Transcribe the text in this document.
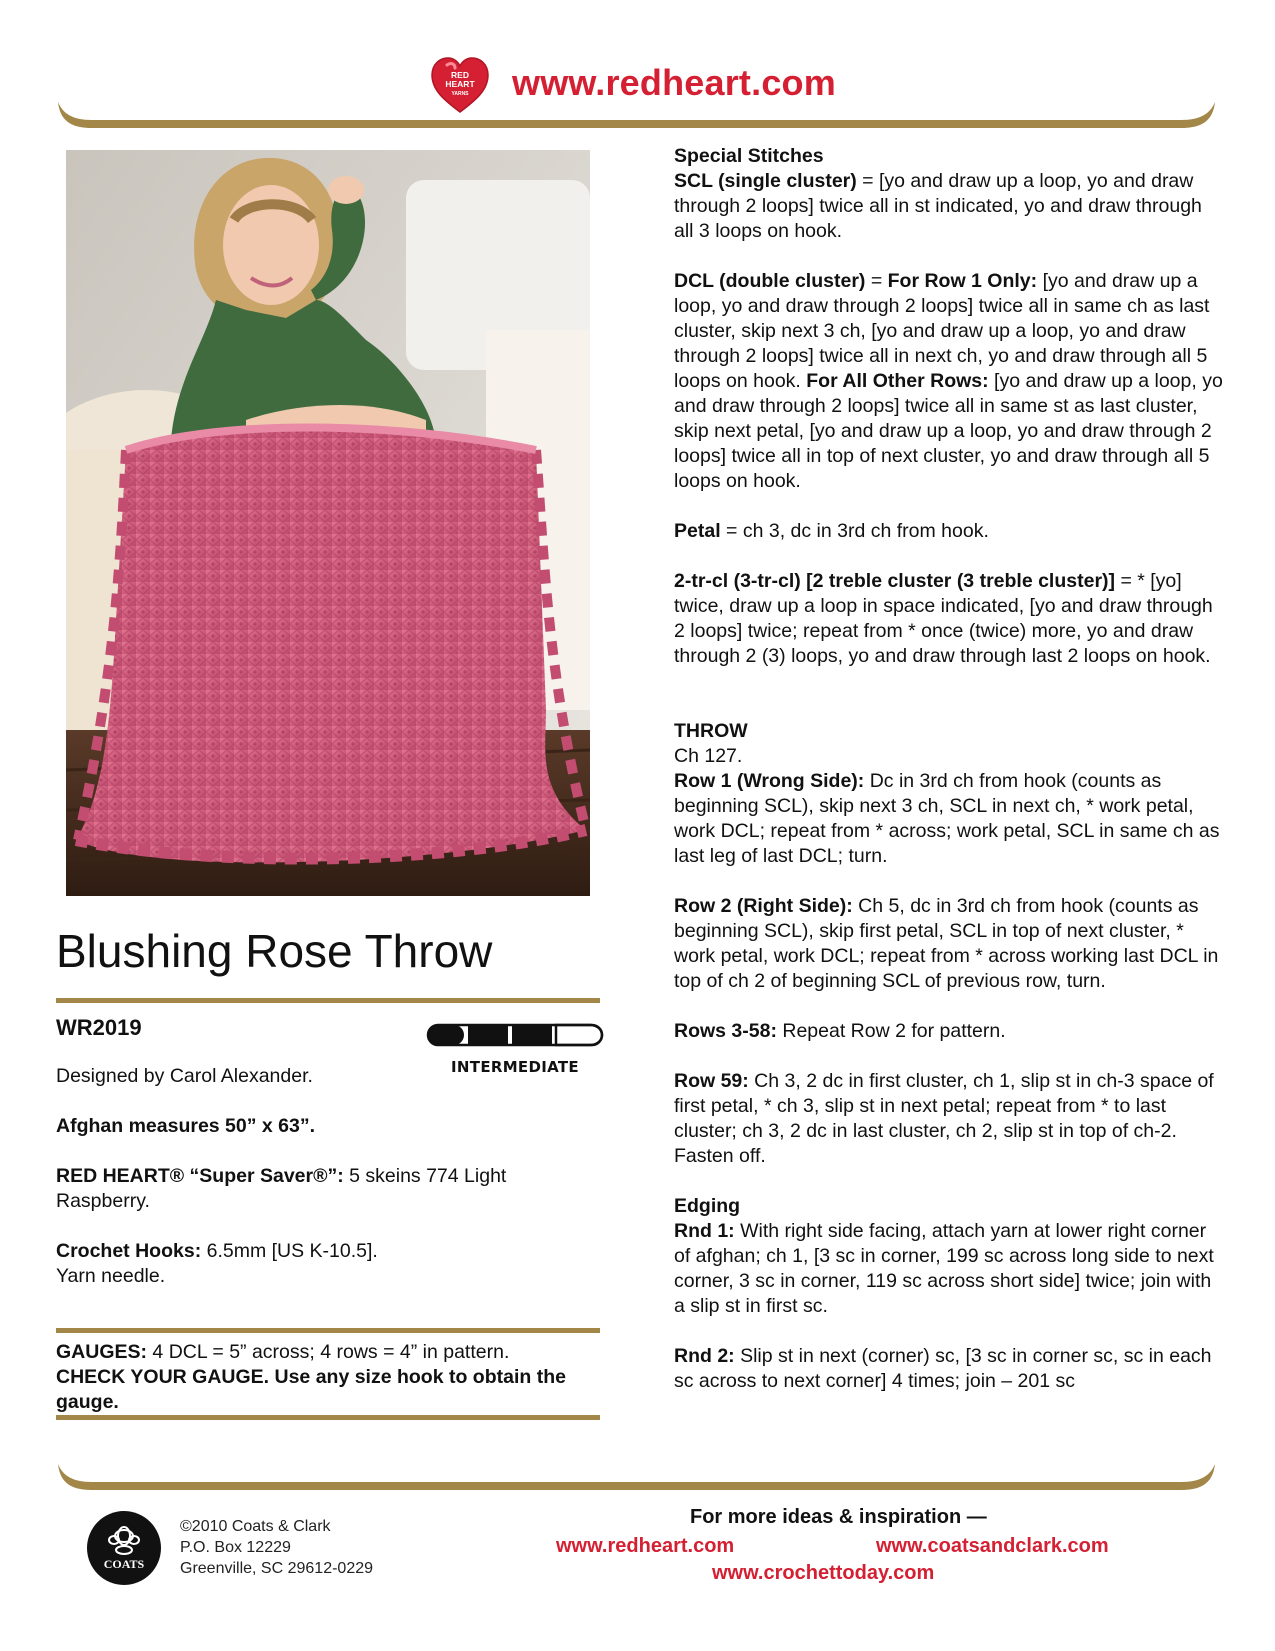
RED
HEART
YARNS www.redheart.com
Blushing Rose Throw
WR2019
INTERMEDIATE

Designed by Carol Alexander.

Afghan measures 50” x 63”.

RED HEART® “Super Saver®”: 5 skeins 774 Light Raspberry.

Crochet Hooks: 6.5mm [US K-10.5].
Yarn needle.

GAUGES: 4 DCL = 5” across; 4 rows = 4” in pattern.
CHECK YOUR GAUGE. Use any size hook to obtain the gauge.

Special Stitches
SCL (single cluster) = [yo and draw up a loop, yo and draw through 2 loops] twice all in st indicated, yo and draw through all 3 loops on hook.

DCL (double cluster) = For Row 1 Only: [yo and draw up a loop, yo and draw through 2 loops] twice all in same ch as last cluster, skip next 3 ch, [yo and draw up a loop, yo and draw through 2 loops] twice all in next ch, yo and draw through all 5 loops on hook. For All Other Rows: [yo and draw up a loop, yo and draw through 2 loops] twice all in same st as last cluster, skip next petal, [yo and draw up a loop, yo and draw through 2 loops] twice all in top of next cluster, yo and draw through all 5 loops on hook.

Petal = ch 3, dc in 3rd ch from hook.

2-tr-cl (3-tr-cl) [2 treble cluster (3 treble cluster)] = * [yo] twice, draw up a loop in space indicated, [yo and draw through 2 loops] twice; repeat from * once (twice) more, yo and draw through 2 (3) loops, yo and draw through last 2 loops on hook.

THROW
Ch 127.
Row 1 (Wrong Side): Dc in 3rd ch from hook (counts as beginning SCL), skip next 3 ch, SCL in next ch, * work petal, work DCL; repeat from * across; work petal, SCL in same ch as last leg of last DCL; turn.

Row 2 (Right Side): Ch 5, dc in 3rd ch from hook (counts as beginning SCL), skip first petal, SCL in top of next cluster, * work petal, work DCL; repeat from * across working last DCL in top of ch 2 of beginning SCL of previous row, turn.

Rows 3-58: Repeat Row 2 for pattern.

Row 59: Ch 3, 2 dc in first cluster, ch 1, slip st in ch-3 space of first petal, * ch 3, slip st in next petal; repeat from * to last cluster; ch 3, 2 dc in last cluster, ch 2, slip st in top of ch-2. Fasten off.

Edging
Rnd 1: With right side facing, attach yarn at lower right corner of afghan; ch 1, [3 sc in corner, 199 sc across long side to next corner, 3 sc in corner, 119 sc across short side] twice; join with a slip st in first sc.

Rnd 2: Slip st in next (corner) sc, [3 sc in corner sc, sc in each sc across to next corner] 4 times; join – 201 sc

COATS
©2010 Coats & Clark
P.O. Box 12229
Greenville, SC 29612-0229
For more ideas & inspiration —
www.redheart.com	www.coatsandclark.com
www.crochettoday.com
